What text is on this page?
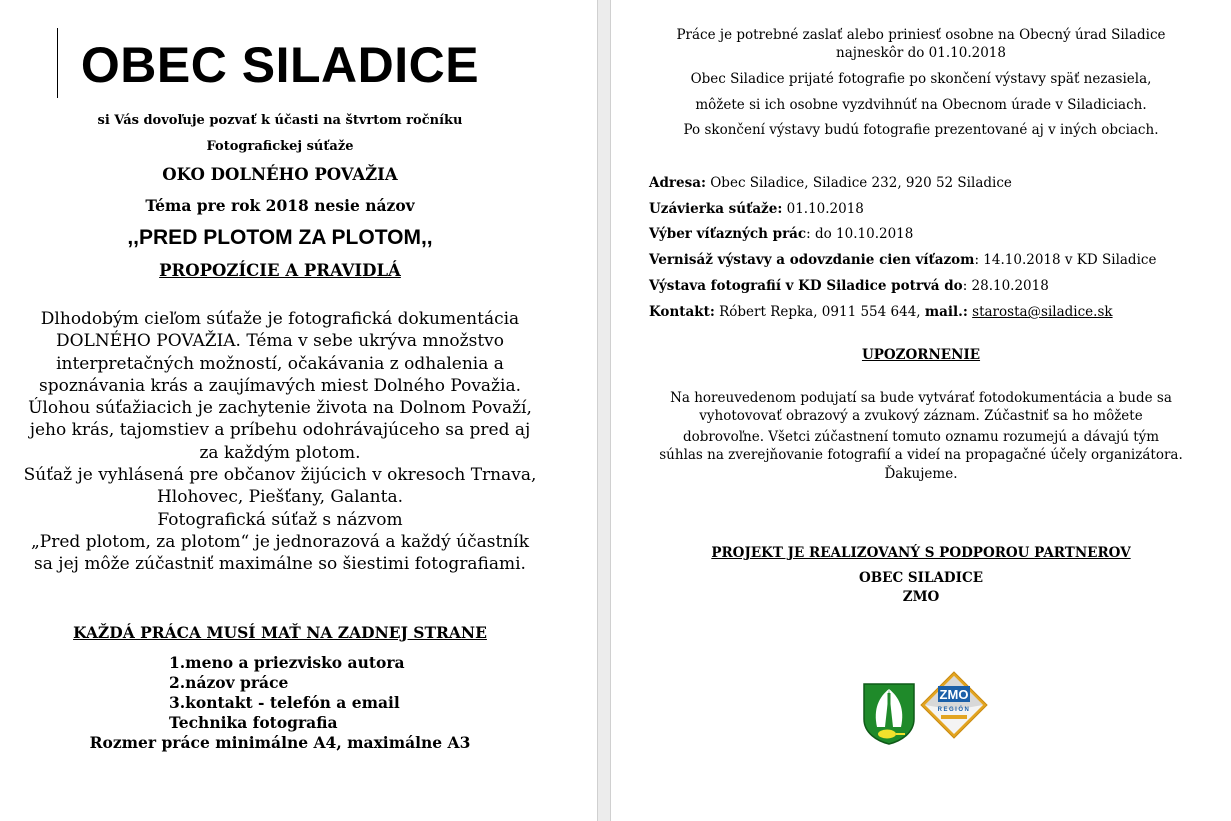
OBEC SILADICE
si Vás dovoľuje pozvať k účasti na štvrtom ročníku
Fotografickej súťaže
OKO DOLNÉHO POVAŽIA
Téma pre rok 2018 nesie názov
,,PRED PLOTOM ZA PLOTOM,,
PROPOZÍCIE A PRAVIDLÁ
Dlhodobým cieľom súťaže je fotografická dokumentácia
DOLNÉHO POVAŽIA. Téma v sebe ukrýva množstvo
interpretačných možností, očakávania z odhalenia a
spoznávania krás a zaujímavých miest Dolného Považia.
Úlohou súťažiacich je zachytenie života na Dolnom Považí,
jeho krás, tajomstiev a príbehu odohrávajúceho sa pred aj
za každým plotom.
Súťaž je vyhlásená pre občanov žijúcich v okresoch Trnava,
Hlohovec, Piešťany, Galanta.
Fotografická súťaž s názvom
„Pred plotom, za plotom“ je jednorazová a každý účastník
sa jej môže zúčastniť maximálne so šiestimi fotografiami.
KAŽDÁ PRÁCA MUSÍ MAŤ NA ZADNEJ STRANE
1.meno a priezvisko autora
2.názov práce
3.kontakt - telefón a email
Technika fotografia
Rozmer práce minimálne A4, maximálne A3
Práce je potrebné zaslať alebo priniesť osobne na Obecný úrad Siladice
najneskôr do 01.10.2018
Obec Siladice prijaté fotografie po skončení výstavy späť nezasiela,
môžete si ich osobne vyzdvihnúť na Obecnom úrade v Siladiciach.
Po skončení výstavy budú fotografie prezentované aj v iných obciach.
Adresa: Obec Siladice, Siladice 232, 920 52 Siladice
Uzávierka súťaže: 01.10.2018
Výber víťazných prác: do 10.10.2018
Vernisáž výstavy a odovzdanie cien víťazom: 14.10.2018 v KD Siladice
Výstava fotografií v KD Siladice potrvá do: 28.10.2018
Kontakt: Róbert Repka, 0911 554 644, mail.: starosta@siladice.sk
UPOZORNENIE
Na horeuvedenom podujatí sa bude vytvárať fotodokumentácia a bude sa
vyhotovovať obrazový a zvukový záznam. Zúčastniť sa ho môžete
dobrovoľne. Všetci zúčastnení tomuto oznamu rozumejú a dávajú tým
súhlas na zverejňovanie fotografií a videí na propagačné účely organizátora.
Ďakujeme.
PROJEKT JE REALIZOVANÝ S PODPOROU PARTNEROV
OBEC SILADICE
ZMO
ZMO
REGIÓN
